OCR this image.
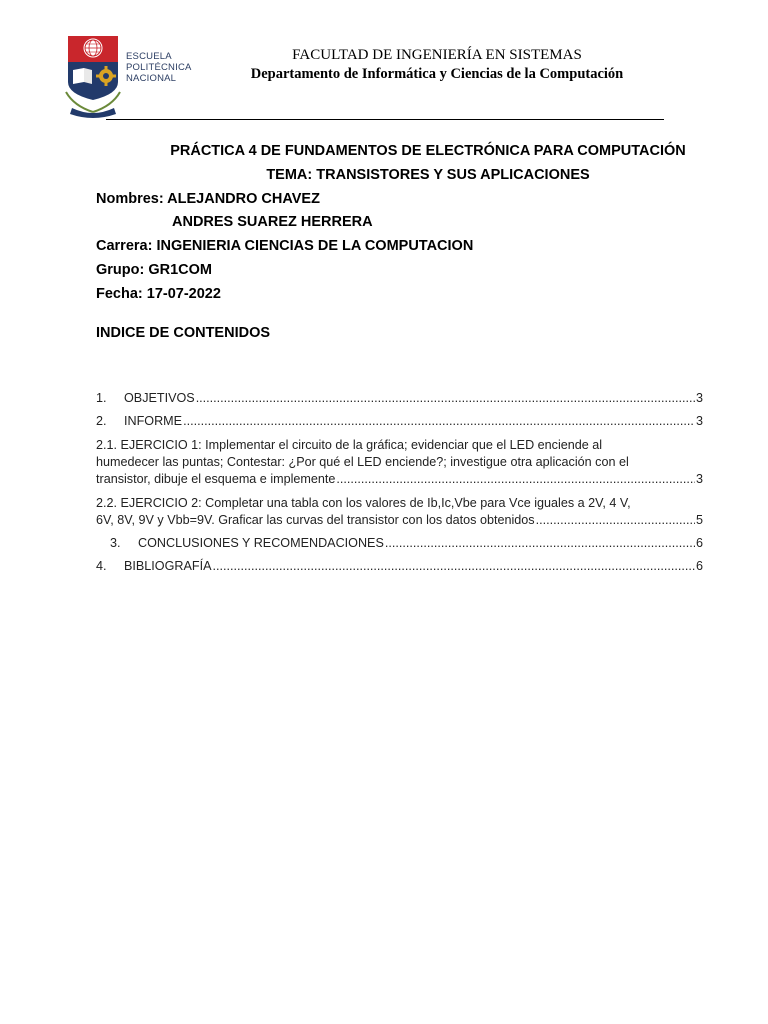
ESCUELA
POLITÉCNICA
NACIONAL
FACULTAD DE INGENIERÍA EN SISTEMAS
Departamento de Informática y Ciencias de la Computación
PRÁCTICA 4 DE FUNDAMENTOS DE ELECTRÓNICA PARA COMPUTACIÓN
TEMA: TRANSISTORES Y SUS APLICACIONES
Nombres: ALEJANDRO CHAVEZ
ANDRES SUAREZ HERRERA
Carrera: INGENIERIA CIENCIAS DE LA COMPUTACION
Grupo: GR1COM
Fecha: 17-07-2022
INDICE DE CONTENIDOS
1.	OBJETIVOS .....	3
2.	INFORME .....	3
2.1. EJERCICIO 1: Implementar el circuito de la gráfica; evidenciar que el LED enciende al
humedecer las puntas; Contestar: ¿Por qué el LED enciende?; investigue otra aplicación con el
transistor, dibuje el esquema e implemente .....	3
2.2. EJERCICIO 2: Completar una tabla con los valores de Ib,Ic,Vbe para Vce iguales a 2V, 4 V,
6V, 8V, 9V y Vbb=9V. Graficar las curvas del transistor con los datos obtenidos .....	5
3.	CONCLUSIONES Y RECOMENDACIONES .....	6
4.	BIBLIOGRAFÍA .....	6
